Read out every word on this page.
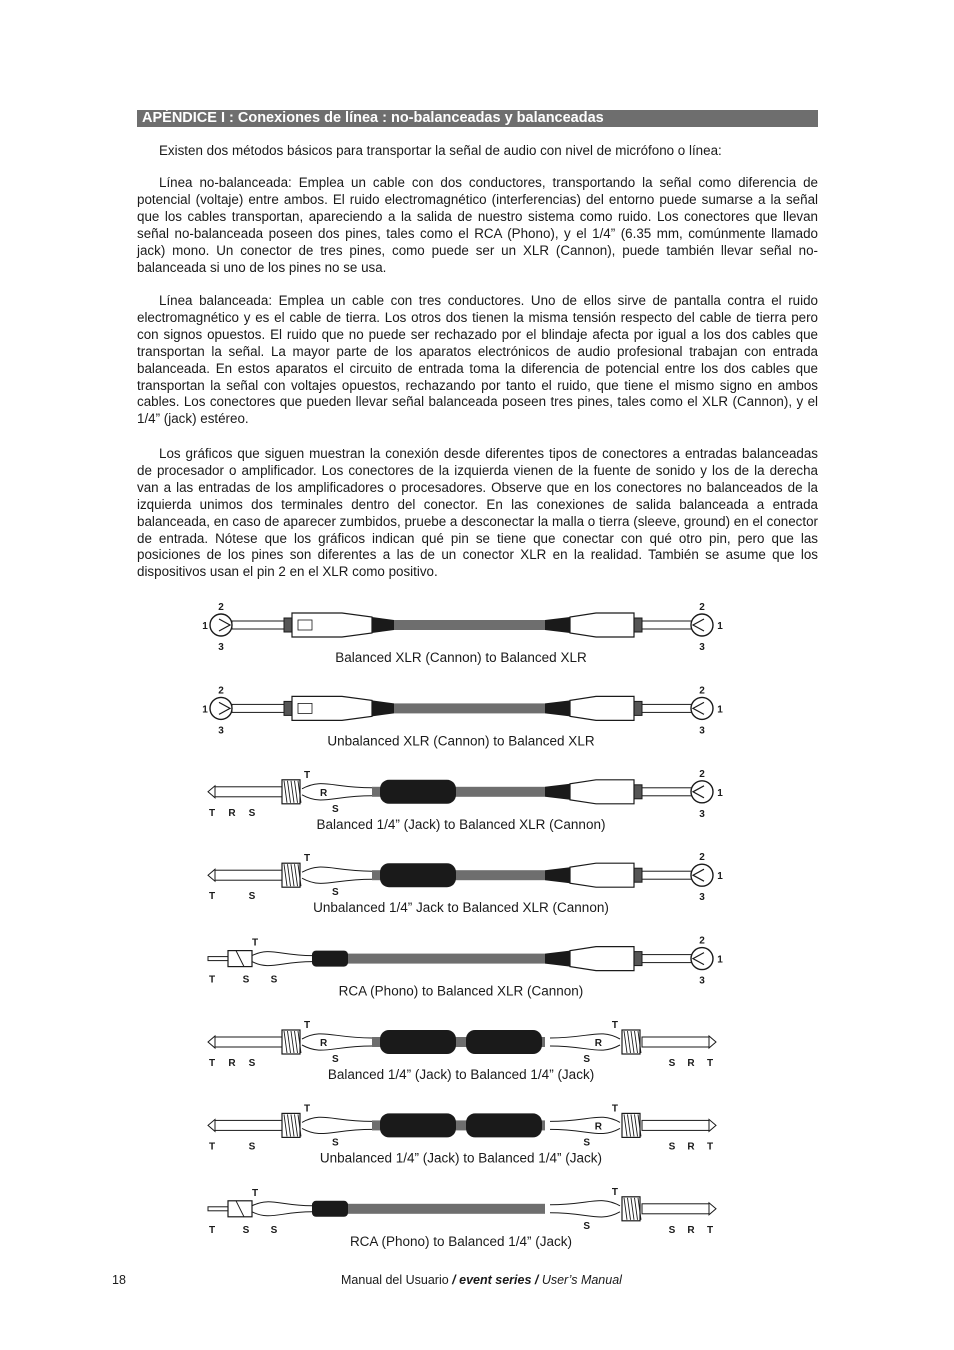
APÉNDICE I : Conexiones de línea : no-balanceadas y balanceadas

Existen dos métodos básicos para transportar la señal de audio con nivel de micrófono o línea:

Línea no-balanceada: Emplea un cable con dos conductores, transportando la señal como diferencia de potencial (voltaje) entre ambos. El ruido electromagnético (interferencias) del entorno puede sumarse a la señal que los cables transportan, apareciendo a la salida de nuestro sistema como ruido. Los conectores que llevan señal no-balanceada poseen dos pines, tales como el RCA (Phono), y el 1/4” (6.35 mm, comúnmente llamado jack) mono. Un conector de tres pines, como puede ser un XLR (Cannon), puede también llevar señal no-balanceada si uno de los pines no se usa.

Línea balanceada: Emplea un cable con tres conductores. Uno de ellos sirve de pantalla contra el ruido electromagnético y es el cable de tierra. Los otros dos tienen la misma tensión respecto del cable de tierra pero con signos opuestos. El ruido que no puede ser rechazado por el blindaje afecta por igual a los dos cables que transportan la señal. La mayor parte de los aparatos electrónicos de audio profesional trabajan con entrada balanceada. En estos aparatos el circuito de entrada toma la diferencia de potencial entre los dos cables que transportan la señal con voltajes opuestos, rechazando por tanto el ruido, que tiene el mismo signo en ambos cables. Los conectores que pueden llevar señal balanceada poseen tres pines, tales como el XLR (Cannon), y el 1/4” (jack) estéreo.

Los gráficos que siguen muestran la conexión desde diferentes tipos de conectores a entradas balanceadas de procesador o amplificador. Los conectores de la izquierda vienen de la fuente de sonido y los de la derecha van a las entradas de los amplificadores o procesadores. Observe que en los conectores no balanceados de la izquierda unimos dos terminales dentro del conector. En las conexiones de salida balanceada a entrada balanceada, en caso de aparecer zumbidos, pruebe a desconectar la malla o tierra (sleeve, ground) en el conector de entrada. Nótese que los gráficos indican qué pin se tiene que conectar con qué otro pin, pero que las posiciones de los pines son diferentes a las de un conector XLR en la realidad. También se asume que los dispositivos usan el pin 2 en el XLR como positivo.

2
1
3
2
1
3
Balanced XLR (Cannon) to Balanced XLR
2
1
3
2
1
3
Unbalanced XLR (Cannon) to Balanced XLR
T R S
T
R
S
2
1
3
Balanced 1/4” (Jack) to Balanced XLR (Cannon)
T	S
T
S
2
1
3
Unbalanced 1/4” Jack to Balanced XLR (Cannon)
T	S S
T	2
1
3
RCA (Phono) to Balanced XLR (Cannon)
T R S
T
R
S	S R T
T
R
S
Balanced 1/4” (Jack) to Balanced 1/4” (Jack)
T	S
T
S	S R T
T
R
S
Unbalanced 1/4” (Jack) to Balanced 1/4” (Jack)
T	S S
T
S R T
T
S
RCA (Phono) to Balanced 1/4” (Jack)
18	Manual del Usuario / event series / User’s Manual
